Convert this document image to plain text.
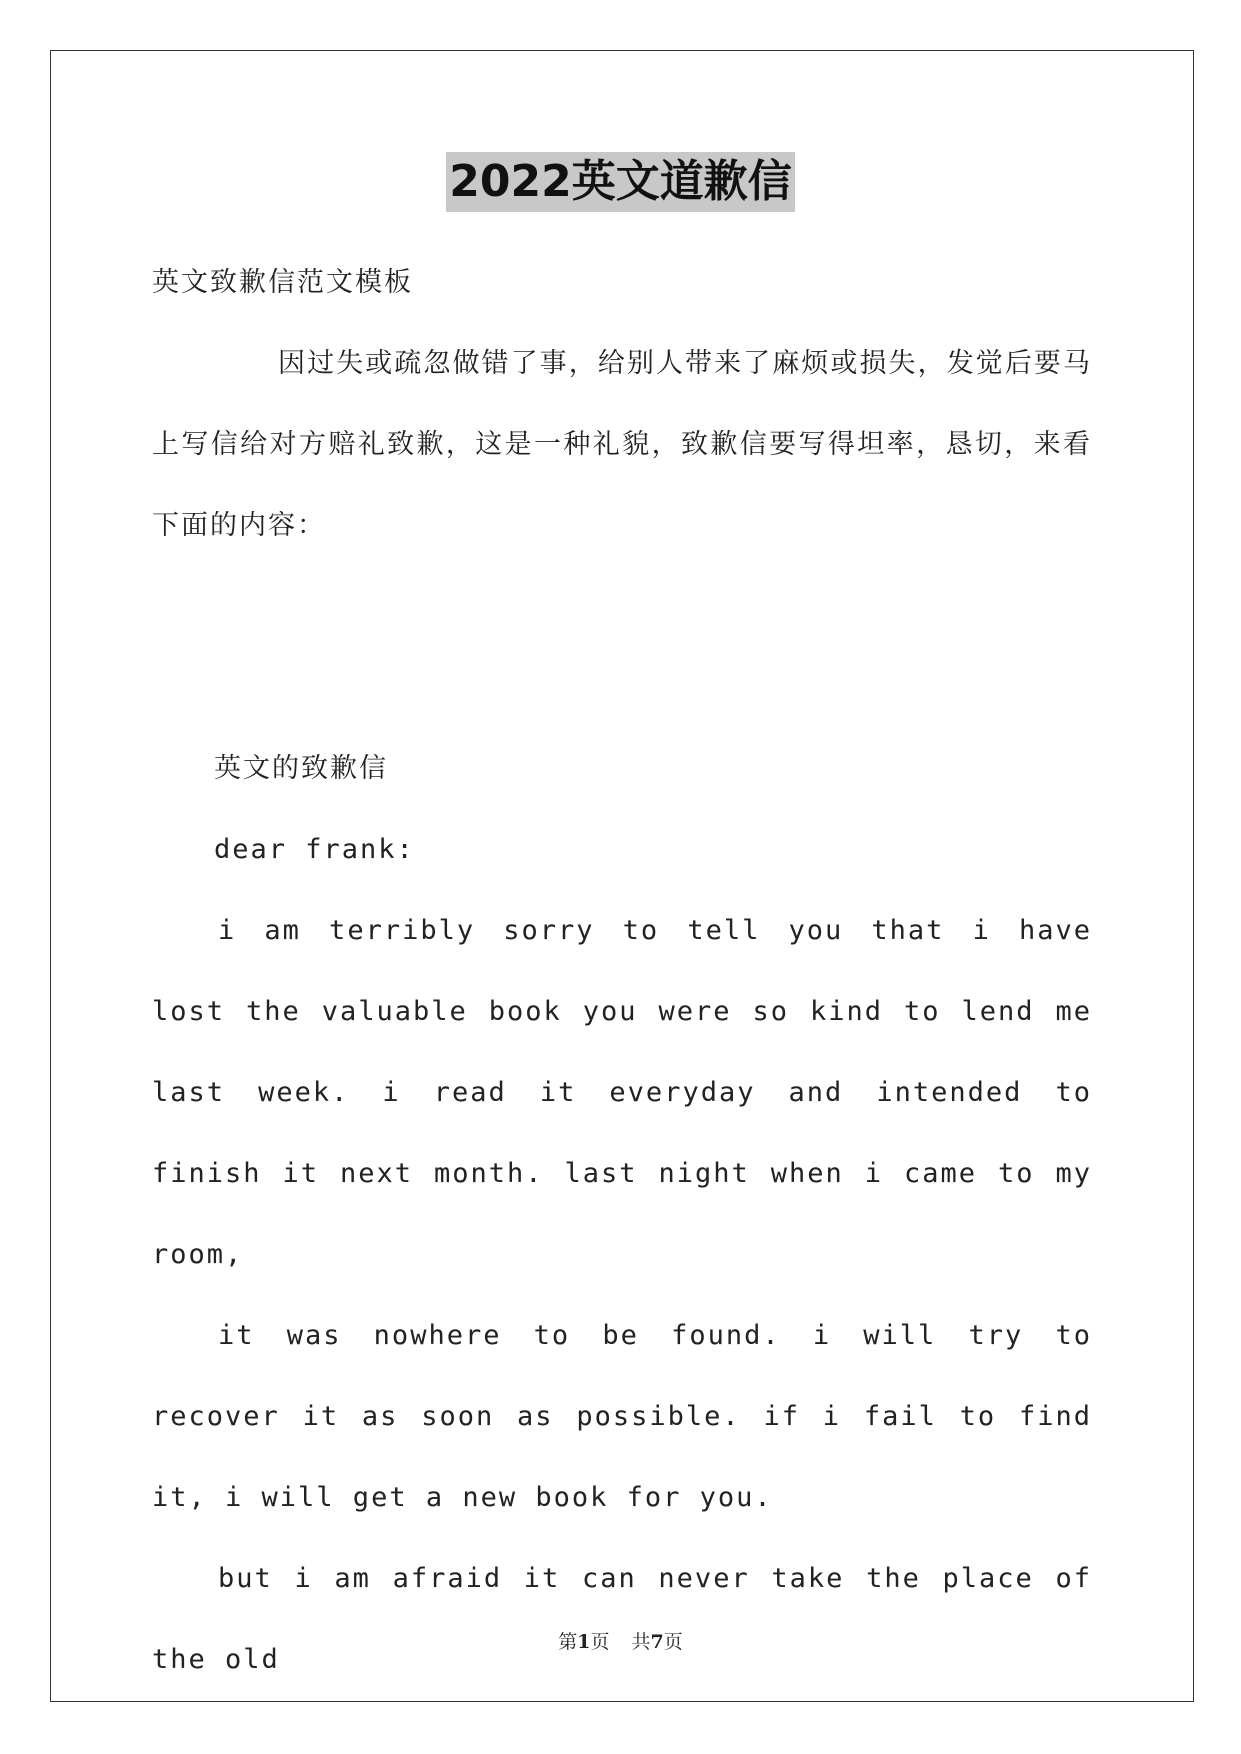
2022英文道歉信

英文致歉信范文模板

因过失或疏忽做错了事，给别人带来了麻烦或损失，发觉后要马上写信给对方赔礼致歉，这是一种礼貌，致歉信要写得坦率，恳切，来看下面的内容：

英文的致歉信

dear frank:

i am terribly sorry to tell you that i have lost the valuable book you were so kind to lend me last week. i read it everyday and intended to finish it next month. last night when i came to my room,

it was nowhere to be found. i will try to recover it as soon as possible. if i fail to find it, i will get a new book for you.

but i am afraid it can never take the place of the old

第1页 共7页
